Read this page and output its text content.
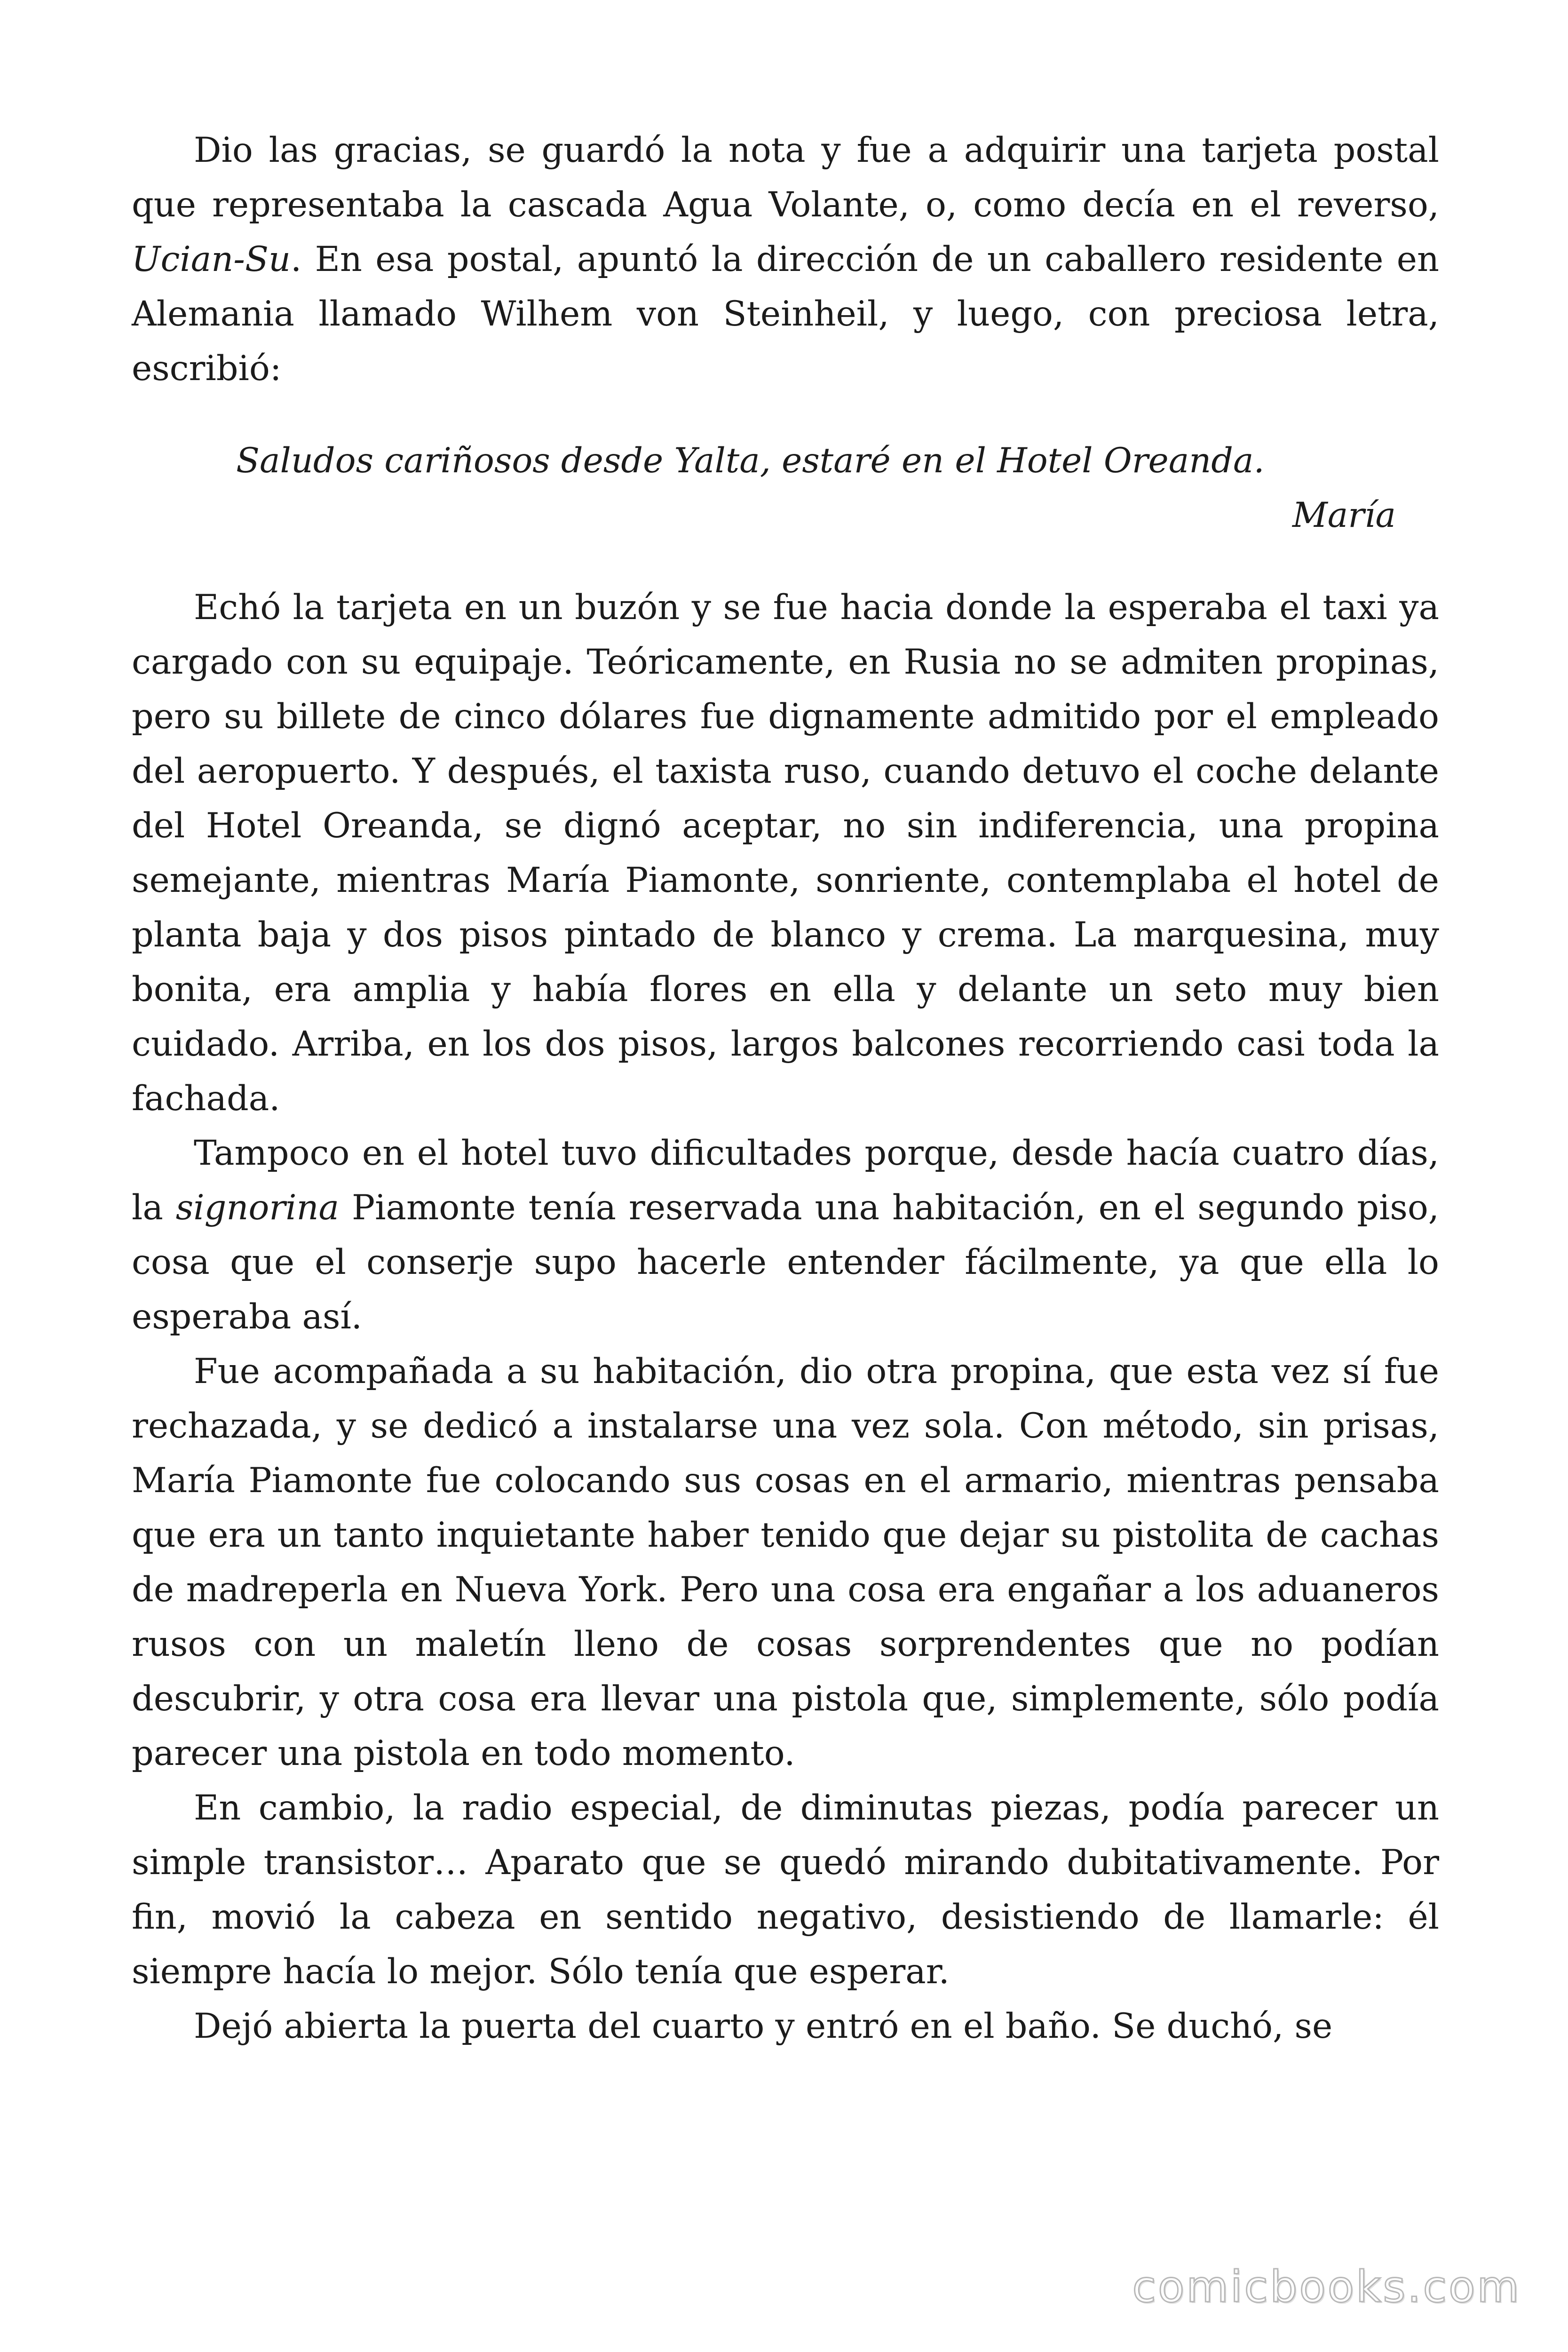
Dio las gracias, se guardó la nota y fue a adquirir una tarjeta postal que representaba la cascada Agua Volante, o, como decía en el reverso, Ucian-Su. En esa postal, apuntó la dirección de un caballero residente en Alemania llamado Wilhem von Steinheil, y luego, con preciosa letra, escribió:

Saludos cariñosos desde Yalta, estaré en el Hotel Oreanda.
María

Echó la tarjeta en un buzón y se fue hacia donde la esperaba el taxi ya cargado con su equipaje. Teóricamente, en Rusia no se admiten propinas, pero su billete de cinco dólares fue dignamente admitido por el empleado del aeropuerto. Y después, el taxista ruso, cuando detuvo el coche delante del Hotel Oreanda, se dignó aceptar, no sin indiferencia, una propina semejante, mientras María Piamonte, sonriente, contemplaba el hotel de planta baja y dos pisos pintado de blanco y crema. La marquesina, muy bonita, era amplia y había flores en ella y delante un seto muy bien cuidado. Arriba, en los dos pisos, largos balcones recorriendo casi toda la fachada.

Tampoco en el hotel tuvo dificultades porque, desde hacía cuatro días, la signorina Piamonte tenía reservada una habitación, en el segundo piso, cosa que el conserje supo hacerle entender fácilmente, ya que ella lo esperaba así.

Fue acompañada a su habitación, dio otra propina, que esta vez sí fue rechazada, y se dedicó a instalarse una vez sola. Con método, sin prisas, María Piamonte fue colocando sus cosas en el armario, mientras pensaba que era un tanto inquietante haber tenido que dejar su pistolita de cachas de madreperla en Nueva York. Pero una cosa era engañar a los aduaneros rusos con un maletín lleno de cosas sorprendentes que no podían descubrir, y otra cosa era llevar una pistola que, simplemente, sólo podía parecer una pistola en todo momento.

En cambio, la radio especial, de diminutas piezas, podía parecer un simple transistor… Aparato que se quedó mirando dubitativamente. Por fin, movió la cabeza en sentido negativo, desistiendo de llamarle: él siempre hacía lo mejor. Sólo tenía que esperar.

Dejó abierta la puerta del cuarto y entró en el baño. Se duchó, se

comicbooks.com
